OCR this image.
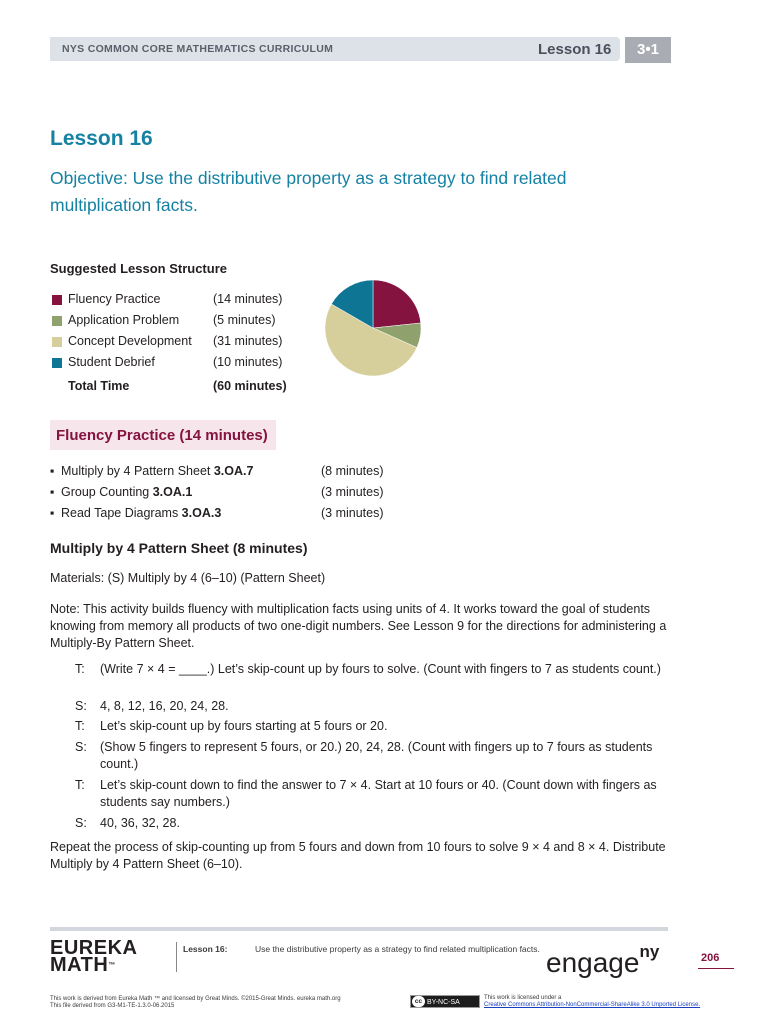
NYS COMMON CORE MATHEMATICS CURRICULUM	Lesson 16	3•1
Lesson 16
Objective: Use the distributive property as a strategy to find related multiplication facts.
Suggested Lesson Structure
Fluency Practice	(14 minutes)
Application Problem	(5 minutes)
Concept Development (31 minutes)
Student Debrief	(10 minutes)
Total Time	(60 minutes)
Fluency Practice (14 minutes)
▪ Multiply by 4 Pattern Sheet 3.OA.7	(8 minutes)
▪ Group Counting 3.OA.1	(3 minutes)
▪ Read Tape Diagrams 3.OA.3	(3 minutes)
Multiply by 4 Pattern Sheet (8 minutes)
Materials: (S) Multiply by 4 (6–10) (Pattern Sheet)
Note: This activity builds fluency with multiplication facts using units of 4. It works toward the goal of students knowing from memory all products of two one-digit numbers. See Lesson 9 for the directions for administering a Multiply-By Pattern Sheet.
T: (Write 7 × 4 = ____.) Let’s skip-count up by fours to solve. (Count with fingers to 7 as students count.)
S: 4, 8, 12, 16, 20, 24, 28.
T: Let’s skip-count up by fours starting at 5 fours or 20.
S: (Show 5 fingers to represent 5 fours, or 20.) 20, 24, 28. (Count with fingers up to 7 fours as students count.)
T: Let’s skip-count down to find the answer to 7 × 4. Start at 10 fours or 40. (Count down with fingers as students say numbers.)
S: 40, 36, 32, 28.
Repeat the process of skip-counting up from 5 fours and down from 10 fours to solve 9 × 4 and 8 × 4. Distribute Multiply by 4 Pattern Sheet (6–10).
EUREKA
MATH™
Lesson 16:	Use the distributive property as a strategy to find related multiplication facts. engage$^{ny}$	206
This work is derived from Eureka Math ™ and licensed by Great Minds. ©2015-Great Minds. eureka math.org
This file derived from G3-M1-TE-1.3.0-06.2015
cc BY-NC-SA
This work is licensed under a
Creative Commons Attribution-NonCommercial-ShareAlike 3.0 Unported License.
